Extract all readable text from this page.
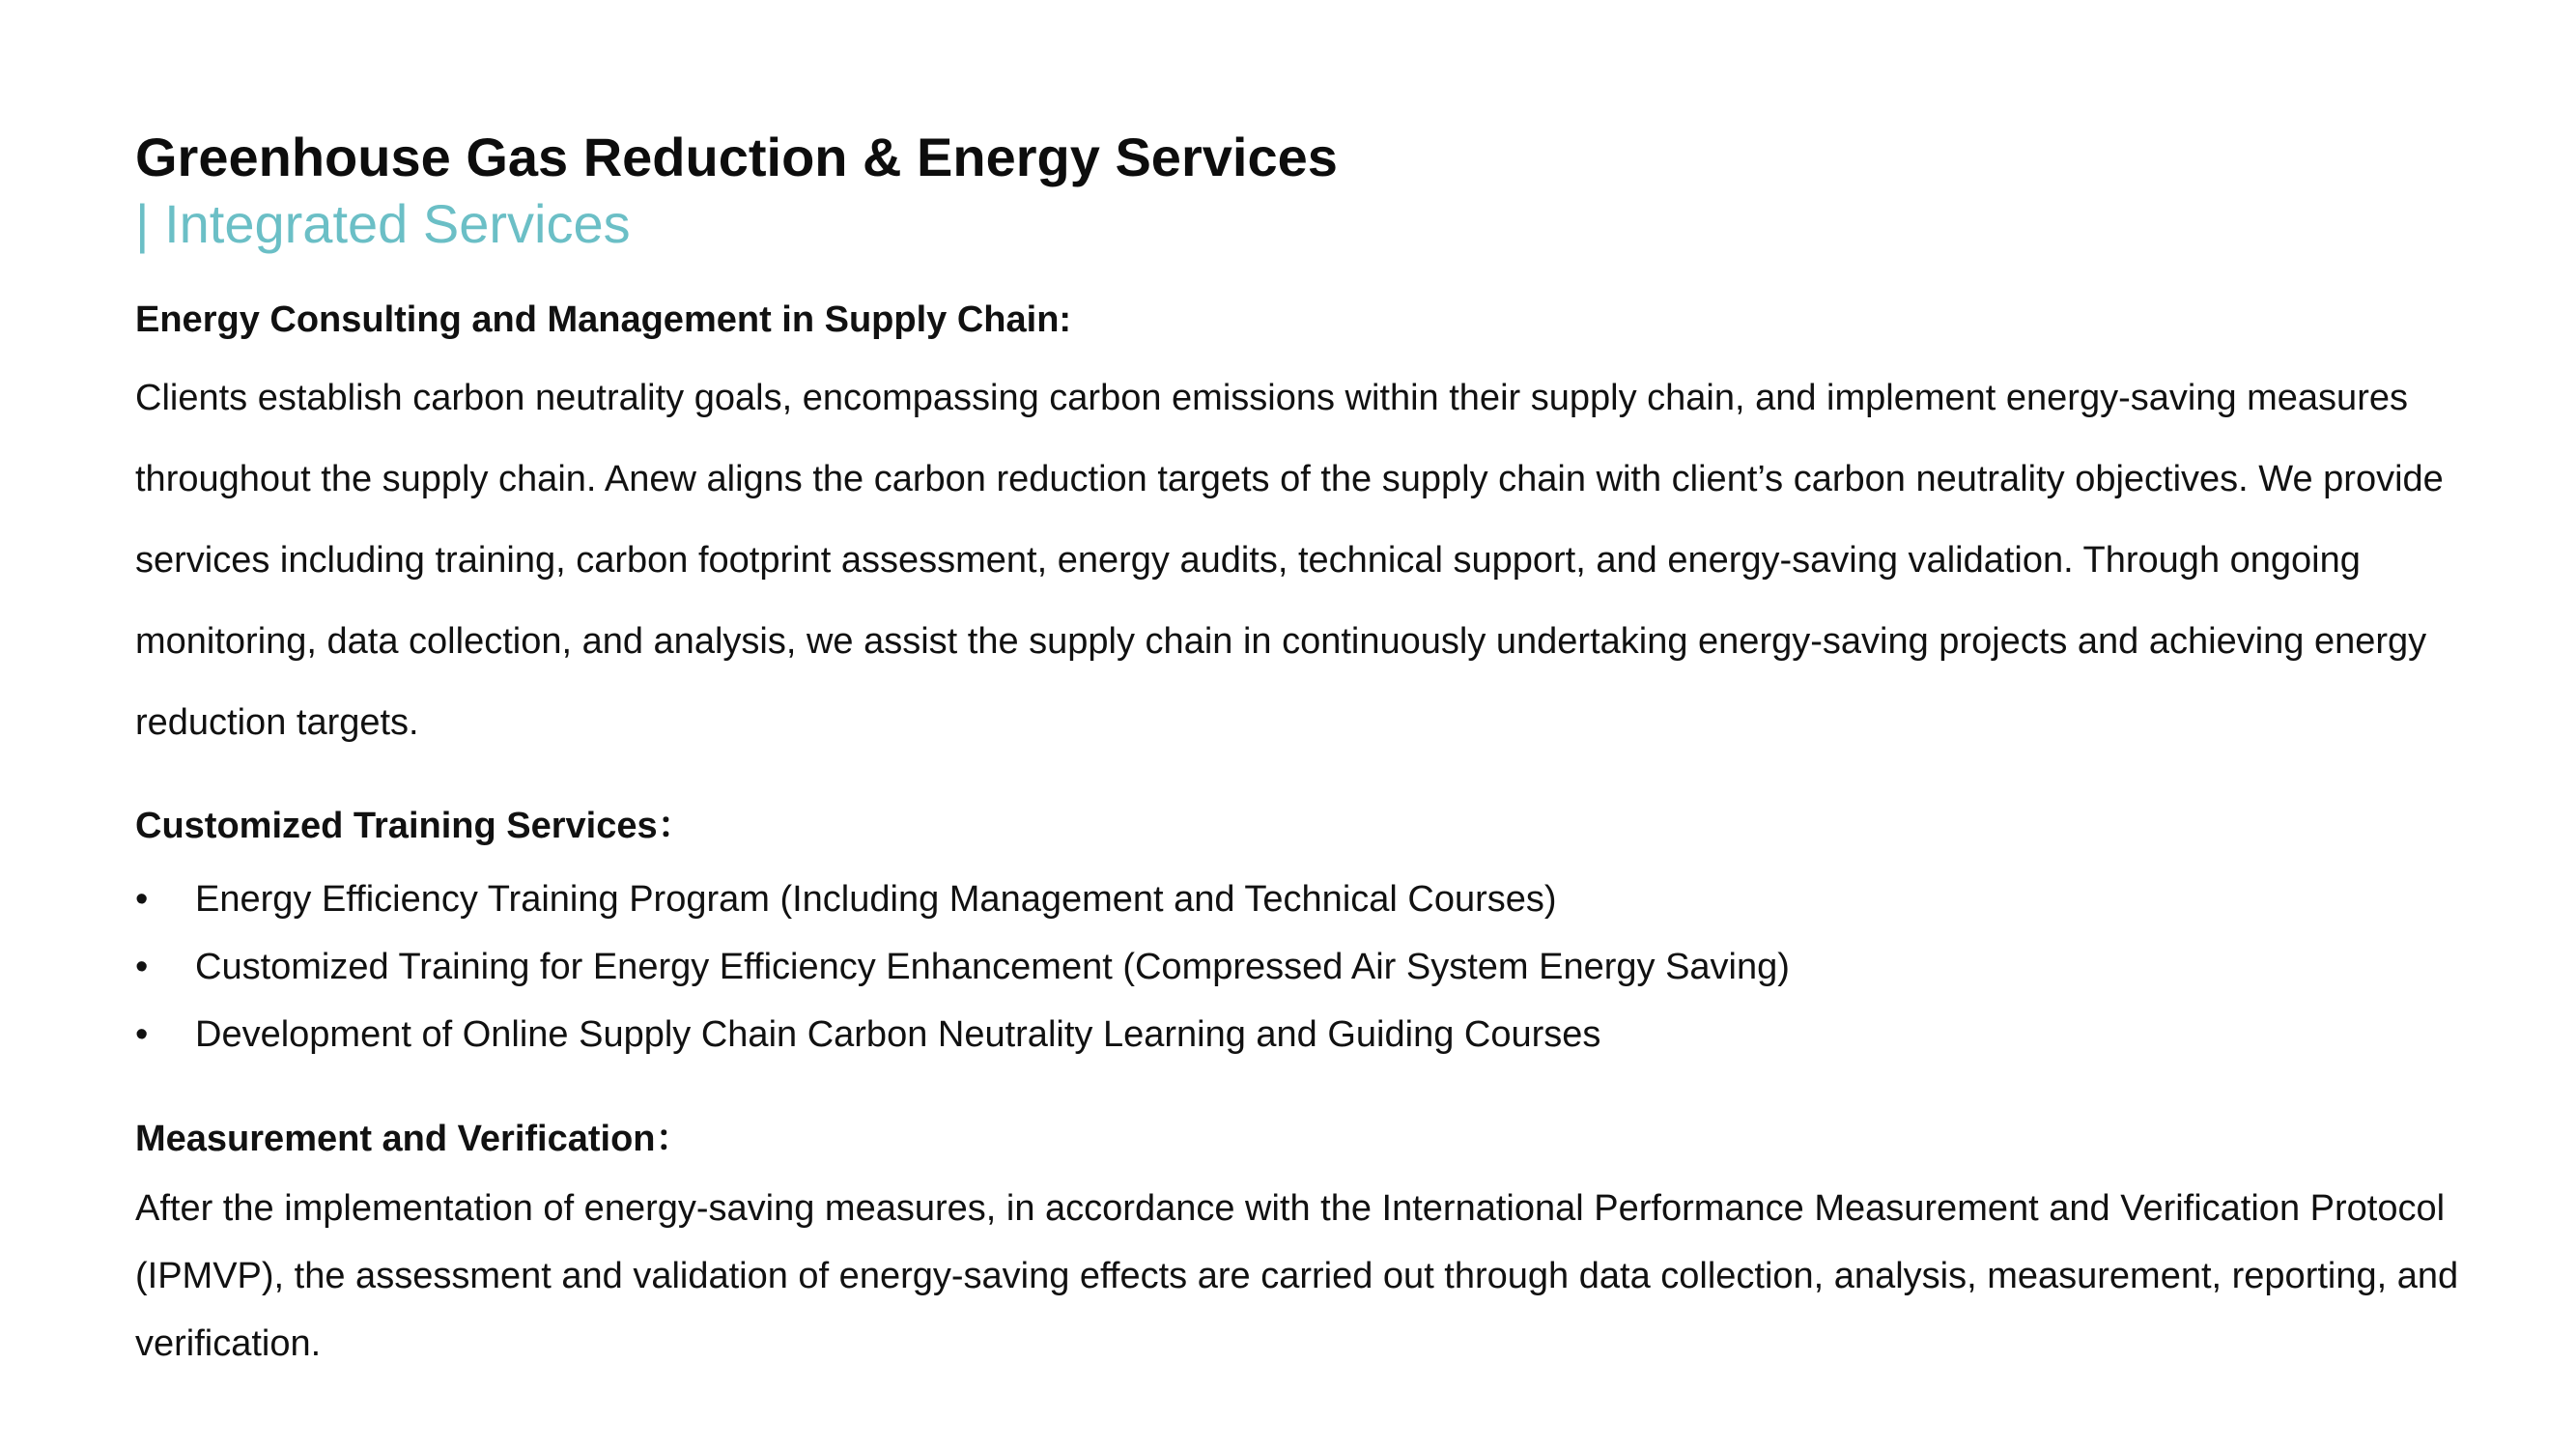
Greenhouse Gas Reduction & Energy Services
| Integrated Services
Energy Consulting and Management in Supply Chain:

Clients establish carbon neutrality goals, encompassing carbon emissions within their supply chain, and implement energy-saving measures throughout the supply chain. Anew aligns the carbon reduction targets of the supply chain with client’s carbon neutrality objectives. We provide services including training, carbon footprint assessment, energy audits, technical support, and energy-saving validation. Through ongoing monitoring, data collection, and analysis, we assist the supply chain in continuously undertaking energy-saving projects and achieving energy reduction targets.

Customized Training Services：
•	Energy Efficiency Training Program (Including Management and Technical Courses)
•	Customized Training for Energy Efficiency Enhancement (Compressed Air System Energy Saving)
•	Development of Online Supply Chain Carbon Neutrality Learning and Guiding Courses
Measurement and Verification：

After the implementation of energy-saving measures, in accordance with the International Performance Measurement and Verification Protocol (IPMVP), the assessment and validation of energy-saving effects are carried out through data collection, analysis, measurement, reporting, and verification.
